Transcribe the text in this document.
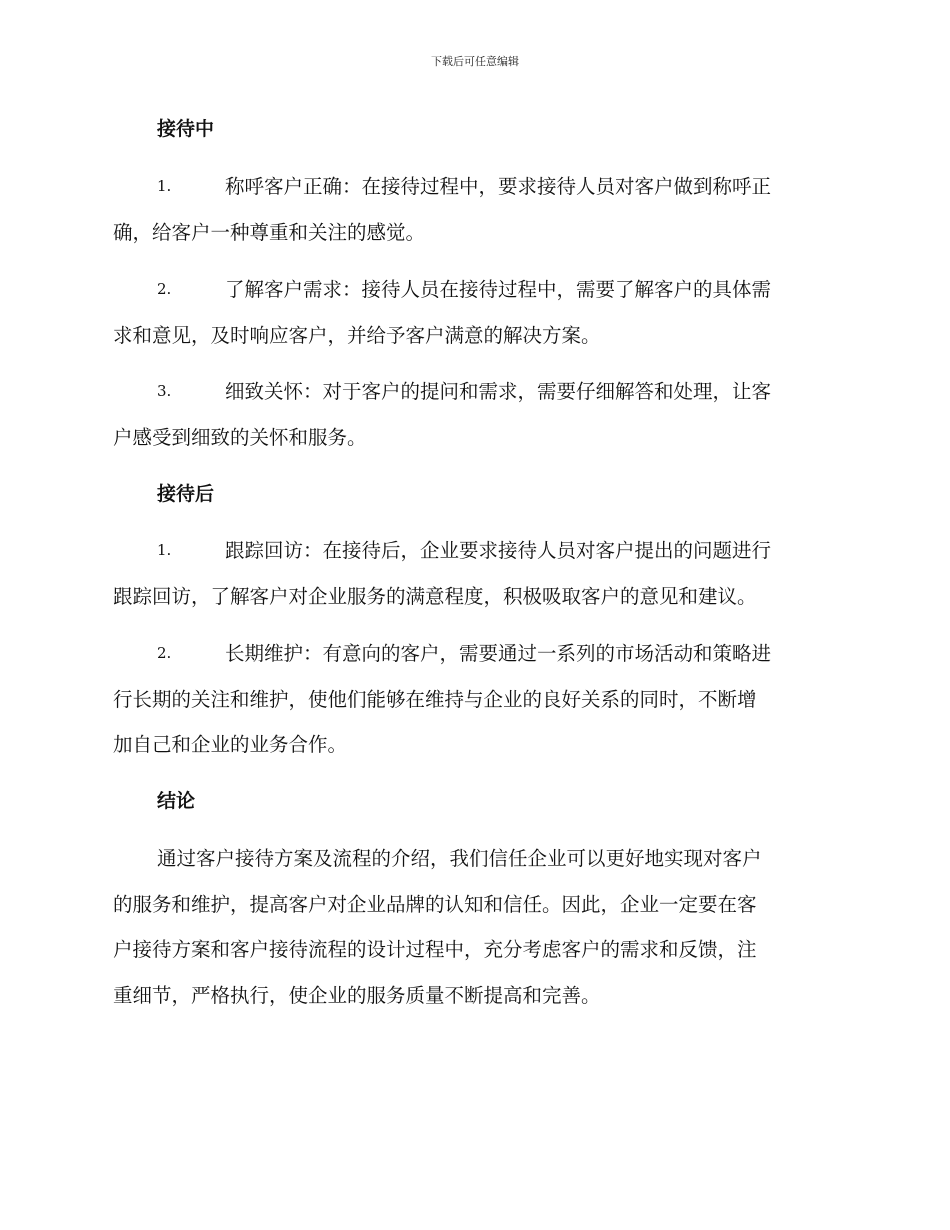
下载后可任意编辑
接待中
1.	称呼客户正确：在接待过程中，要求接待人员对客户做到称呼正
确，给客户一种尊重和关注的感觉。
2.	了解客户需求：接待人员在接待过程中，需要了解客户的具体需
求和意见，及时响应客户，并给予客户满意的解决方案。
3.	细致关怀：对于客户的提问和需求，需要仔细解答和处理，让客
户感受到细致的关怀和服务。
接待后
1.	跟踪回访：在接待后，企业要求接待人员对客户提出的问题进行
跟踪回访，了解客户对企业服务的满意程度，积极吸取客户的意见和建议。
2.	长期维护：有意向的客户，需要通过一系列的市场活动和策略进
行长期的关注和维护，使他们能够在维持与企业的良好关系的同时，不断增
加自己和企业的业务合作。
结论
通过客户接待方案及流程的介绍，我们信任企业可以更好地实现对客户
的服务和维护，提高客户对企业品牌的认知和信任。因此，企业一定要在客
户接待方案和客户接待流程的设计过程中，充分考虑客户的需求和反馈，注
重细节，严格执行，使企业的服务质量不断提高和完善。
